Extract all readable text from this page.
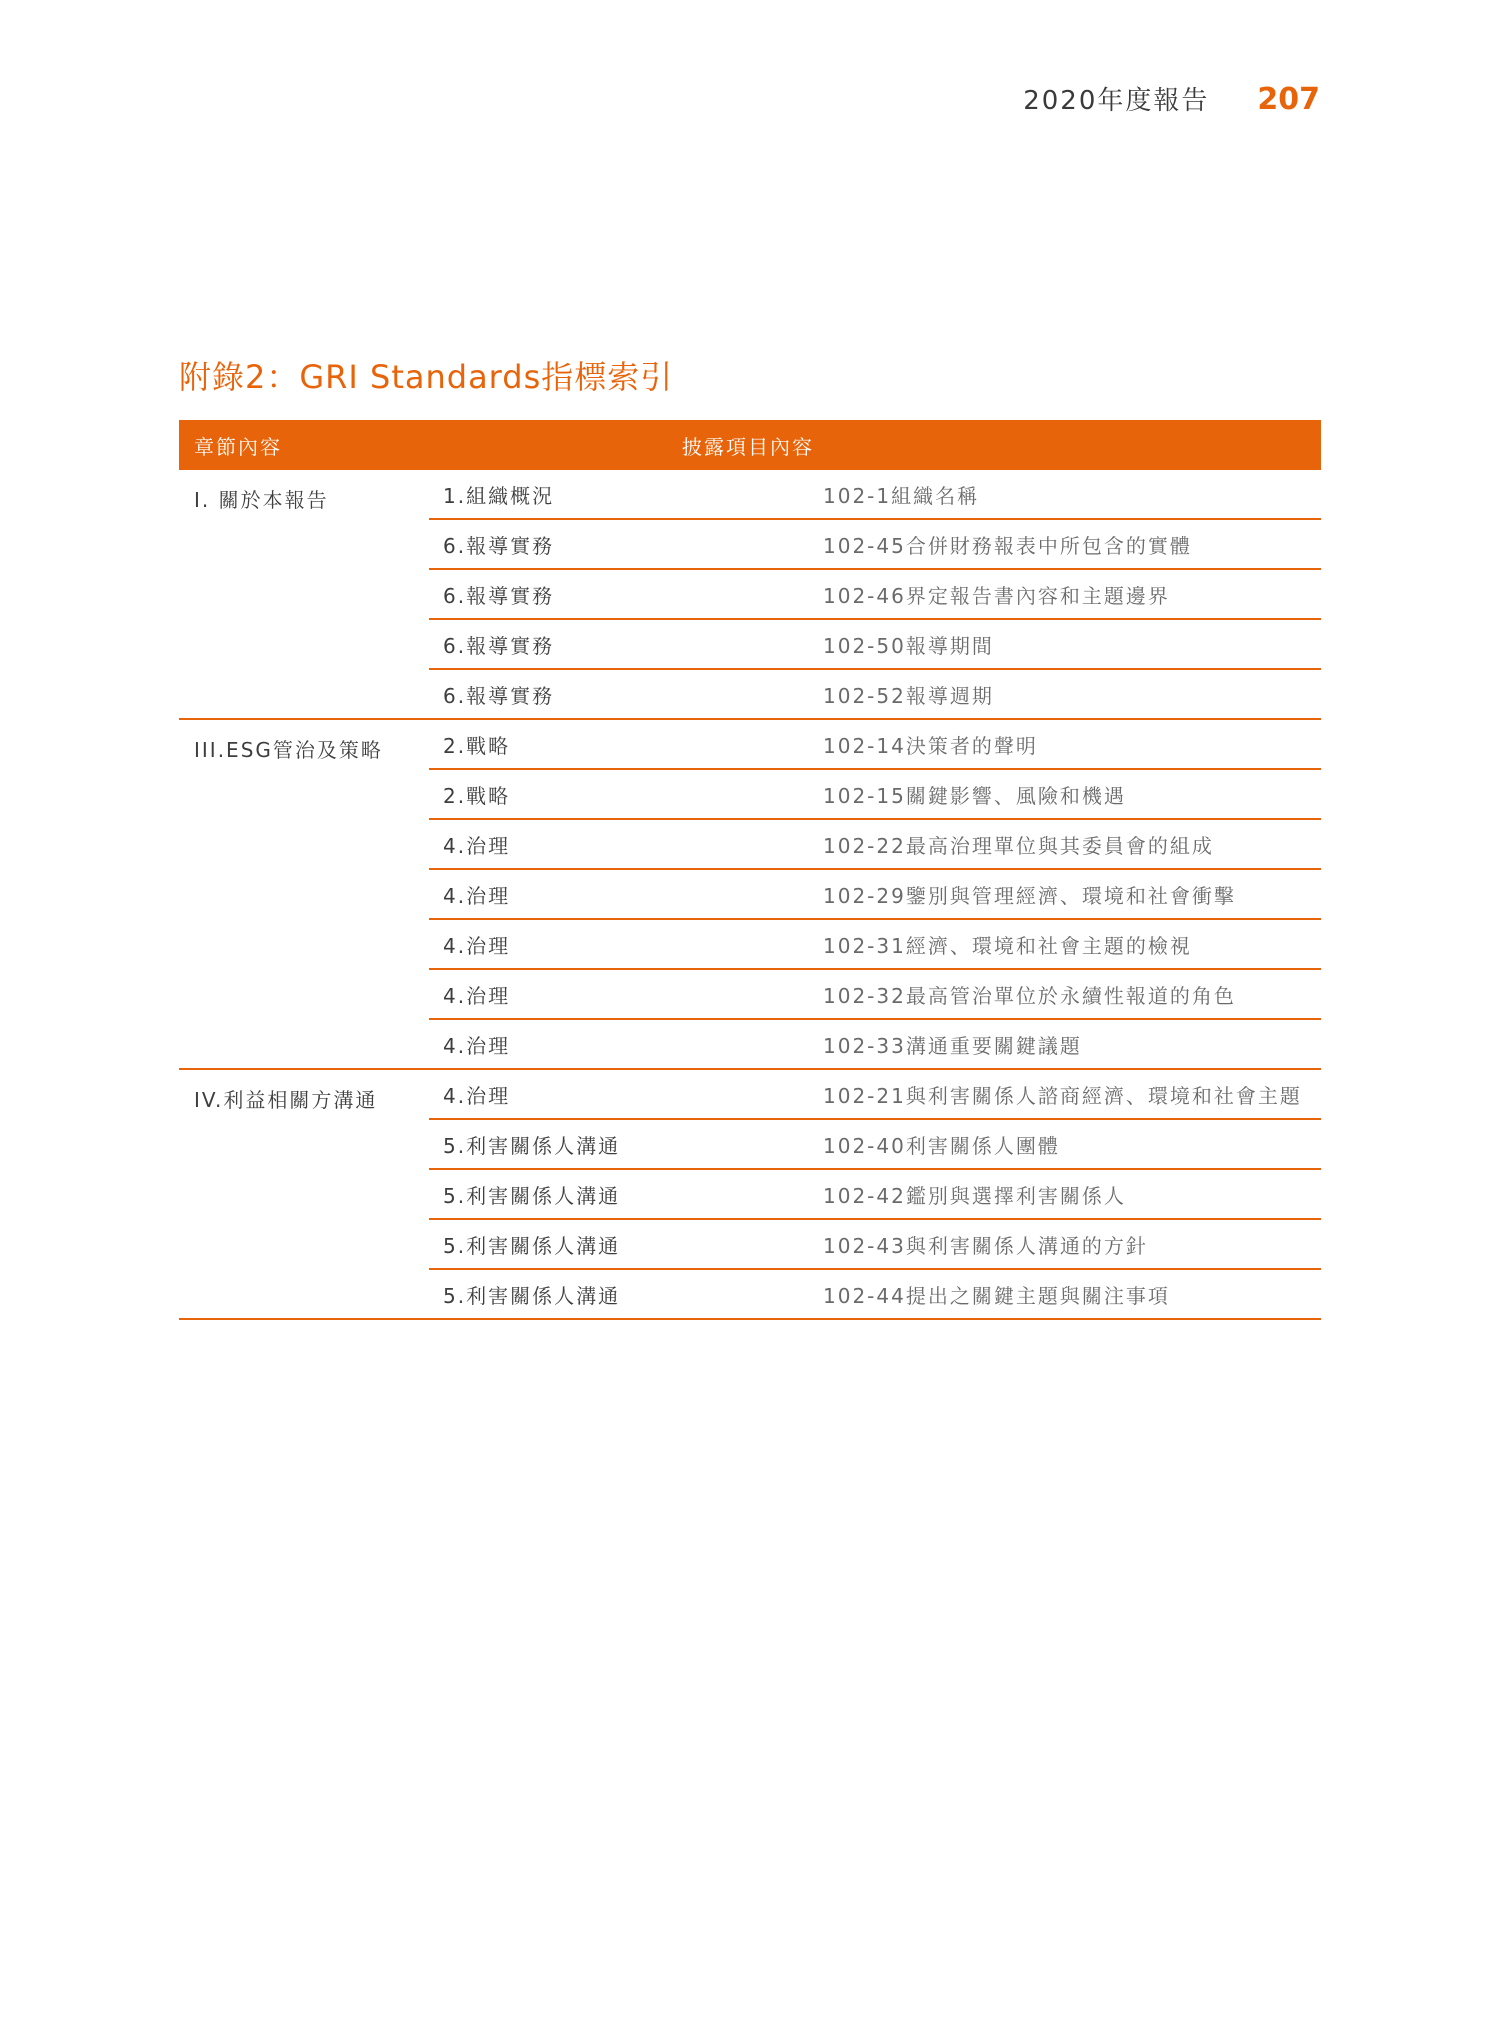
2020年度報告 207
附錄2：GRI Standards指標索引
章節內容	披露項目內容	
I. 關於本報告	1.組織概況	102-1組織名稱
	6.報導實務	102-45合併財務報表中所包含的實體
	6.報導實務	102-46界定報告書內容和主題邊界
	6.報導實務	102-50報導期間
	6.報導實務	102-52報導週期
III.ESG管治及策略	2.戰略	102-14決策者的聲明
	2.戰略	102-15關鍵影響、風險和機遇
	4.治理	102-22最高治理單位與其委員會的組成
	4.治理	102-29鑒別與管理經濟、環境和社會衝擊
	4.治理	102-31經濟、環境和社會主題的檢視
	4.治理	102-32最高管治單位於永續性報道的角色
	4.治理	102-33溝通重要關鍵議題
IV.利益相關方溝通	4.治理	102-21與利害關係人諮商經濟、環境和社會主題
	5.利害關係人溝通	102-40利害關係人團體
	5.利害關係人溝通	102-42鑑別與選擇利害關係人
	5.利害關係人溝通	102-43與利害關係人溝通的方針
	5.利害關係人溝通	102-44提出之關鍵主題與關注事項
